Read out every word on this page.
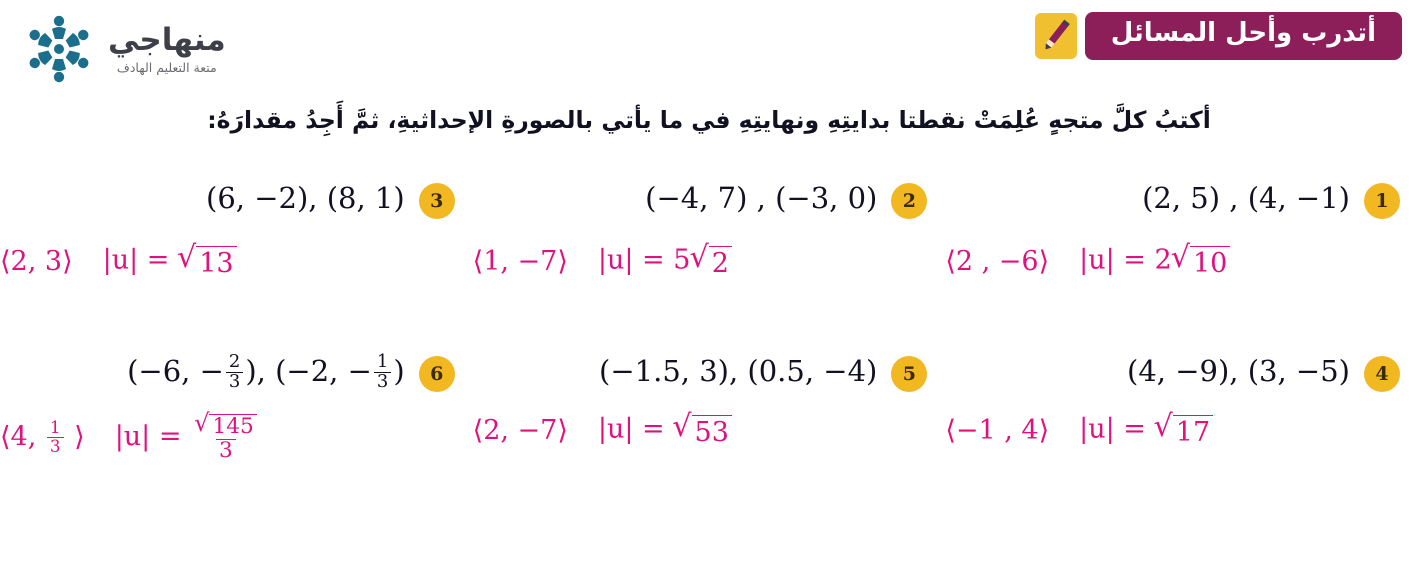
منهاجي
متعة التعليم الهادف
أتدرب وأحل المسائل
أكتبُ كلَّ متجهٍ عُلِمَتْ نقطتا بدايتِهِ ونهايتِهِ في ما يأتي بالصورةِ الإحداثيةِ، ثمَّ أَجِدُ مقدارَهُ:
1
(2, 5) , (4, −1)
⟨2 , −6⟩ |u| = 2 √ 10
2
(−4, 7) , (−3, 0)
⟨1, −7⟩ |u| = 5 √ 2
3
(6, −2), (8, 1)
⟨2, 3⟩ |u| = √ 13
4
(4, −9), (3, −5)
⟨−1 , 4⟩ |u| = √ 17
5
(−1.5, 3), (0.5, −4)
⟨2, −7⟩ |u| = √ 53
6
(−6, − $\frac{2}{3}$ ), (−2, − $\frac{1}{3}$ )
⟨4, $\frac{1}{3}$ ⟩ $|u| = \frac{√ 145}{3}$
